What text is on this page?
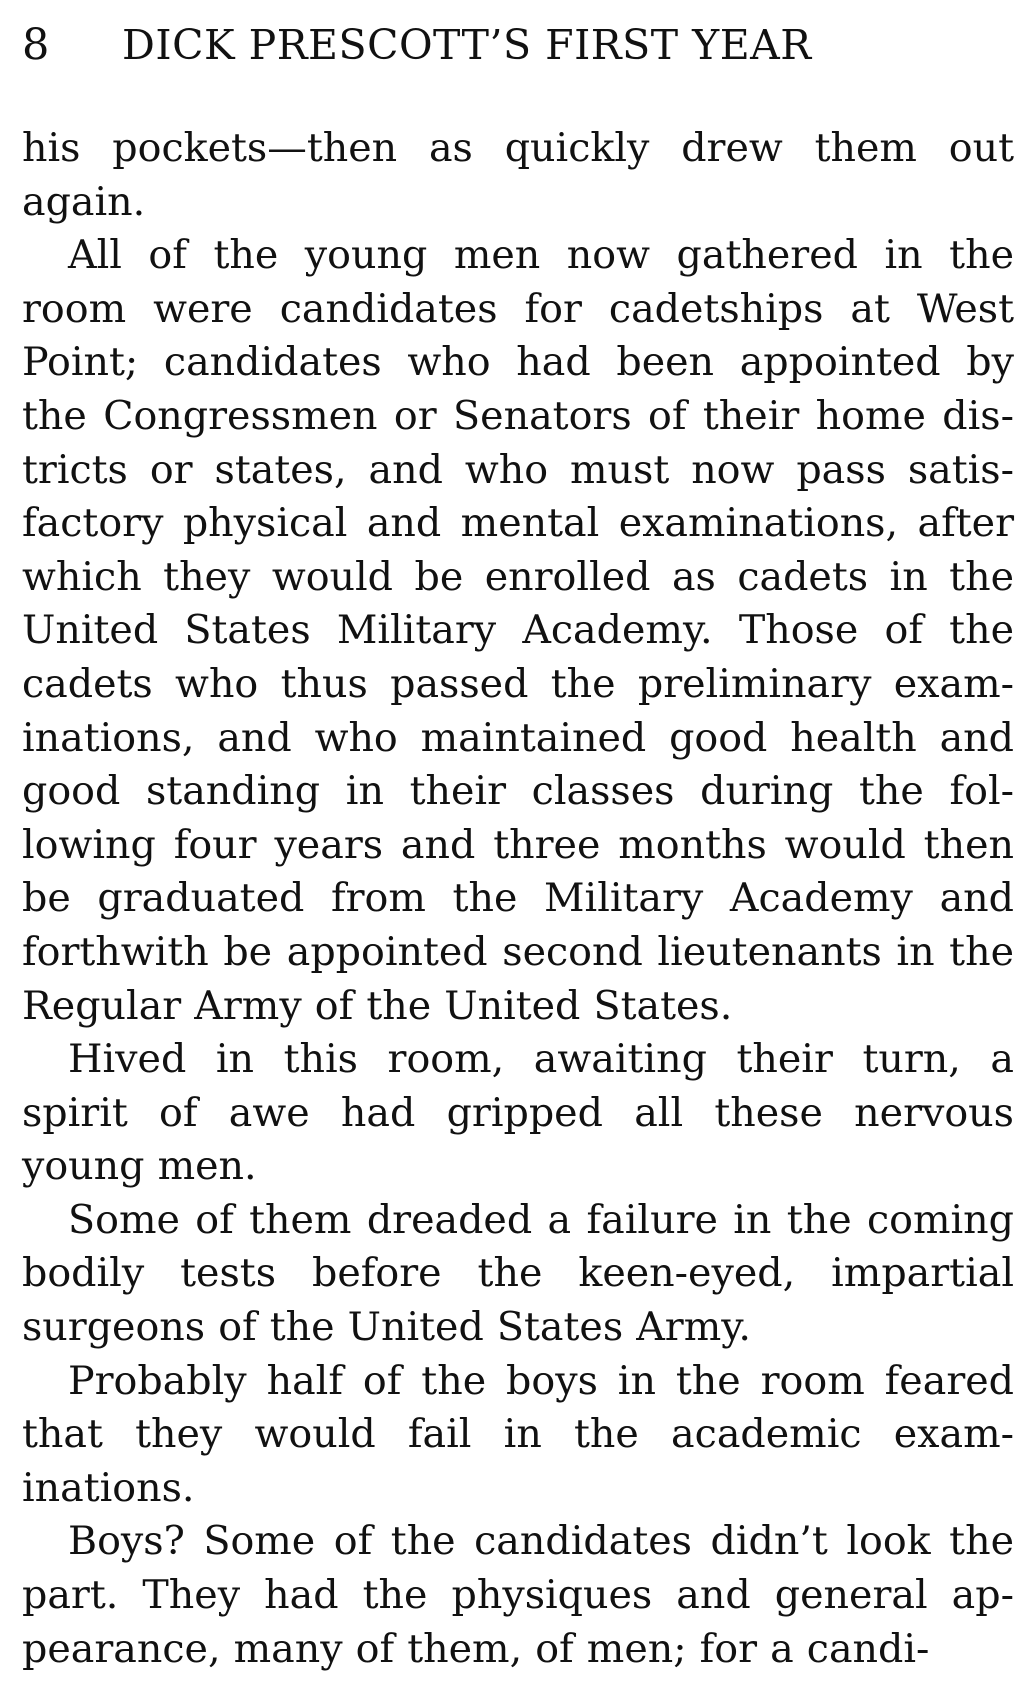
8	DICK PRESCOTT’S FIRST YEAR

his pockets—then as quickly drew them out again.

All of the young men now gathered in the room were candidates for cadetships at West Point; candidates who had been appointed by the Congressmen or Senators of their home districts or states, and who must now pass satisfactory physical and mental examinations, after which they would be enrolled as cadets in the United States Military Academy. Those of the cadets who thus passed the preliminary examinations, and who maintained good health and good standing in their classes during the following four years and three months would then be graduated from the Military Academy and forthwith be appointed second lieutenants in the Regular Army of the United States.

Hived in this room, awaiting their turn, a spirit of awe had gripped all these nervous young men.

Some of them dreaded a failure in the coming bodily tests before the keen-eyed, impartial surgeons of the United States Army.

Probably half of the boys in the room feared that they would fail in the academic examinations.

Boys? Some of the candidates didn’t look the part. They had the physiques and general appearance, many of them, of men; for a candi-
